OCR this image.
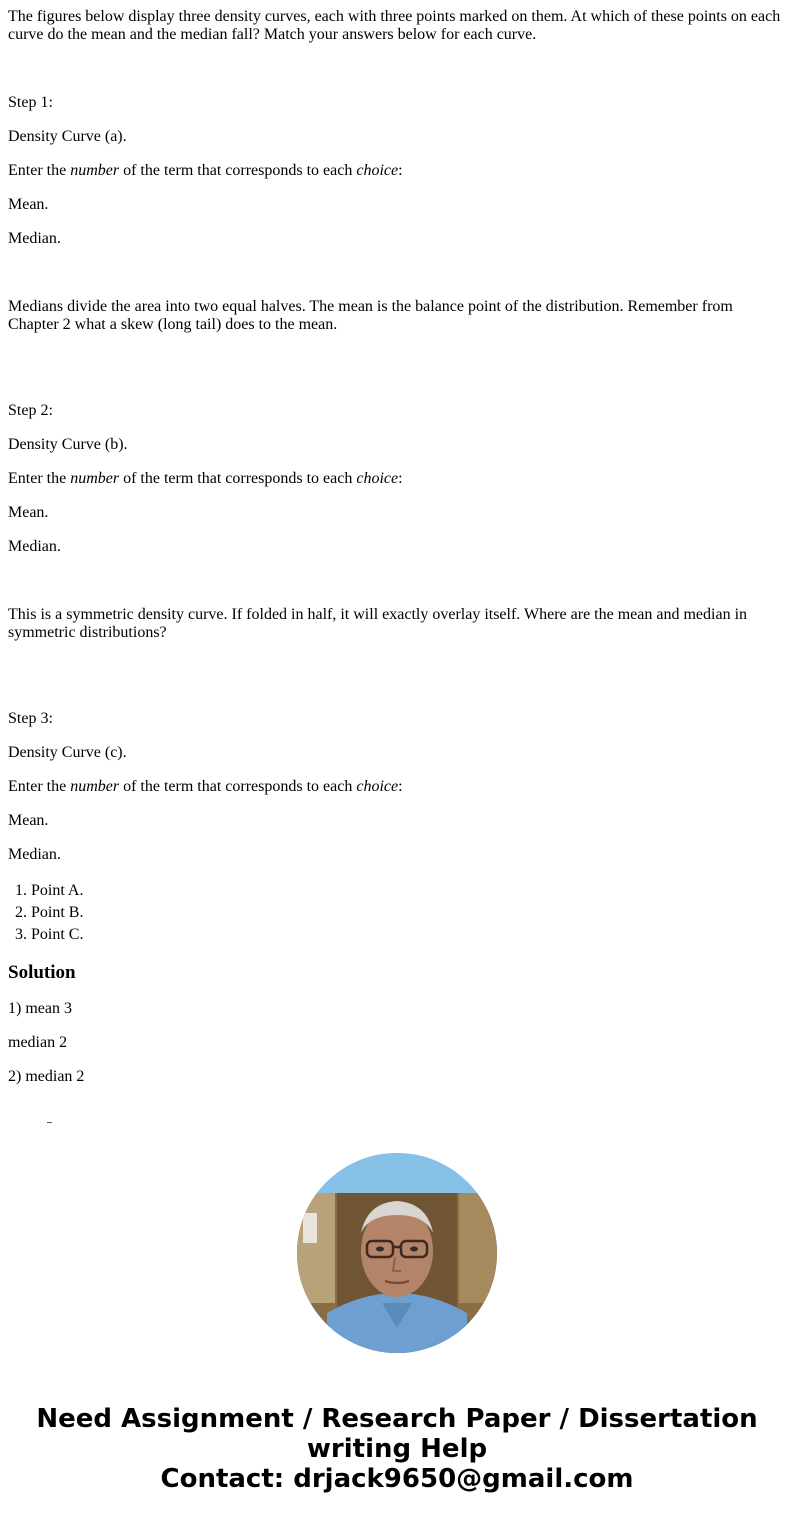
The figures below display three density curves, each with three points marked on them. At which of these points on each curve do the mean and the median fall? Match your answers below for each curve.

Step 1:

Density Curve (a).

Enter the number of the term that corresponds to each choice:

Mean.

Median.

Medians divide the area into two equal halves. The mean is the balance point of the distribution. Remember from Chapter 2 what a skew (long tail) does to the mean.

Step 2:

Density Curve (b).

Enter the number of the term that corresponds to each choice:

Mean.

Median.

This is a symmetric density curve. If folded in half, it will exactly overlay itself. Where are the mean and median in symmetric distributions?

Step 3:

Density Curve (c).

Enter the number of the term that corresponds to each choice:

Mean.

Median.

1. Point A.
2. Point B.
3. Point C.
Solution

1) mean 3

median 2

2) median 2

Need Assignment / Research Paper / Dissertation
writing Help
Contact: drjack9650@gmail.com
